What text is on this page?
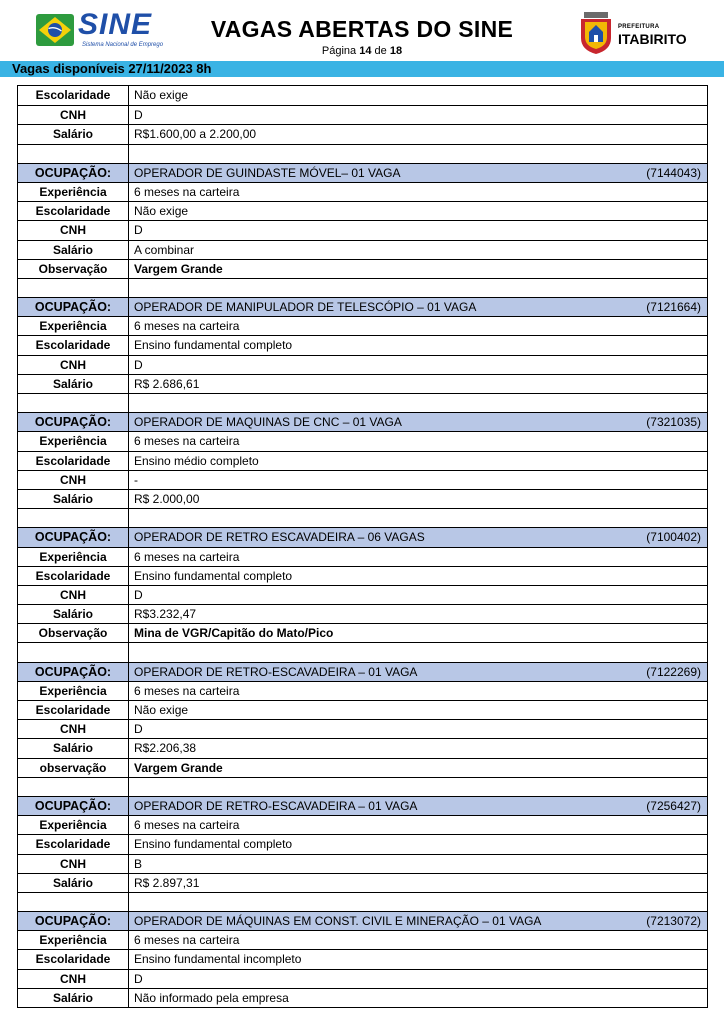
SINE
Sistema Nacional de Emprego
VAGAS ABERTAS DO SINE
Página 14 de 18
PREFEITURA
ITABIRITO
Vagas disponíveis 27/11/2023 8h
Escolaridade	Não exige
CNH	D
Salário	R$1.600,00 a 2.200,00
OCUPAÇÃO:	OPERADOR DE GUINDASTE MÓVEL– 01 VAGA	(7144043)
Experiência	6 meses na carteira
Escolaridade	Não exige
CNH	D
Salário	A combinar
Observação	Vargem Grande
OCUPAÇÃO:	OPERADOR DE MANIPULADOR DE TELESCÓPIO – 01 VAGA	(7121664)
Experiência	6 meses na carteira
Escolaridade	Ensino fundamental completo
CNH	D
Salário	R$ 2.686,61
OCUPAÇÃO:	OPERADOR DE MAQUINAS DE CNC – 01 VAGA	(7321035)
Experiência	6 meses na carteira
Escolaridade	Ensino médio completo
CNH	-
Salário	R$ 2.000,00
OCUPAÇÃO:	OPERADOR DE RETRO ESCAVADEIRA – 06 VAGAS	(7100402)
Experiência	6 meses na carteira
Escolaridade	Ensino fundamental completo
CNH	D
Salário	R$3.232,47
Observação	Mina de VGR/Capitão do Mato/Pico
OCUPAÇÃO:	OPERADOR DE RETRO-ESCAVADEIRA – 01 VAGA	(7122269)
Experiência	6 meses na carteira
Escolaridade	Não exige
CNH	D
Salário	R$2.206,38
observação	Vargem Grande
OCUPAÇÃO:	OPERADOR DE RETRO-ESCAVADEIRA – 01 VAGA	(7256427)
Experiência	6 meses na carteira
Escolaridade	Ensino fundamental completo
CNH	B
Salário	R$ 2.897,31
OCUPAÇÃO:	OPERADOR DE MÁQUINAS EM CONST. CIVIL E MINERAÇÃO – 01 VAGA	(7213072)
Experiência	6 meses na carteira
Escolaridade	Ensino fundamental incompleto
CNH	D
Salário	Não informado pela empresa
